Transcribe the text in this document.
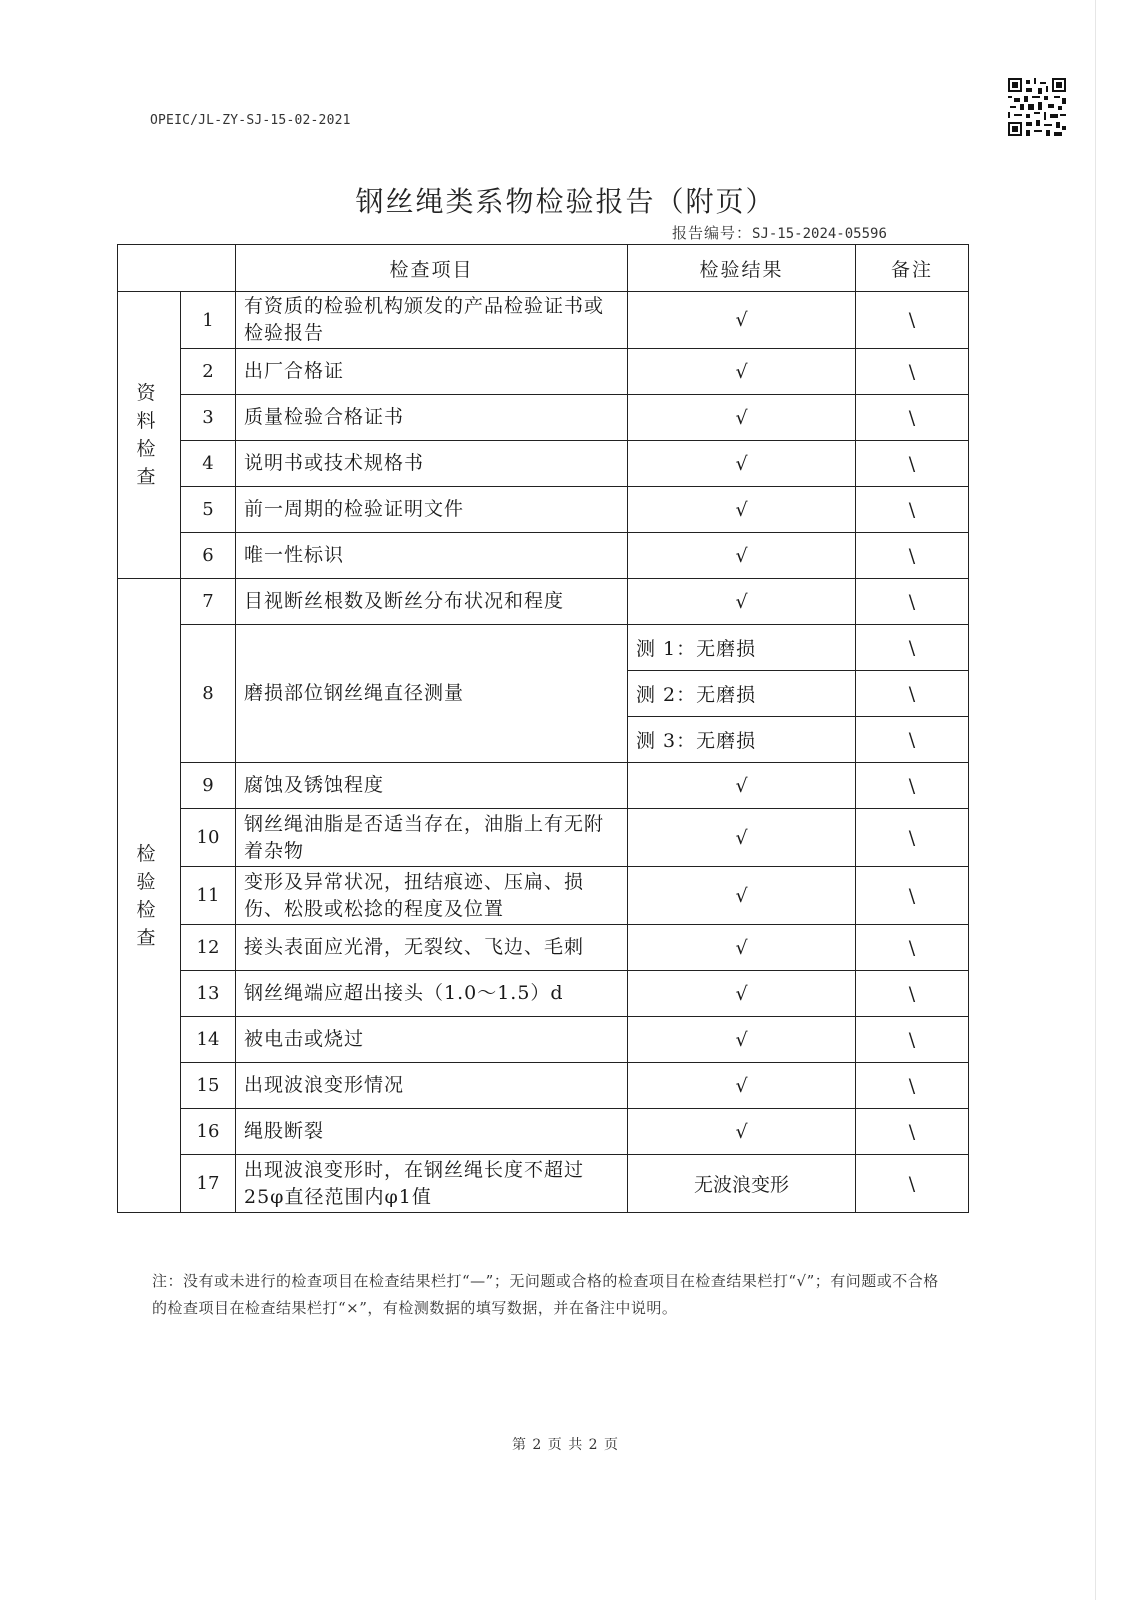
OPEIC/JL-ZY-SJ-15-02-2021
钢丝绳类系物检验报告（附页）
报告编号：SJ-15-2024-05596
		检查项目	检验结果	备注
资料检查	1	有资质的检验机构颁发的产品检验证书或检验报告	√	\
	2	出厂合格证	√	\
	3	质量检验合格证书	√	\
	4	说明书或技术规格书	√	\
	5	前一周期的检验证明文件	√	\
	6	唯一性标识	√	\
检验检查	7	目视断丝根数及断丝分布状况和程度	√	\
	8	磨损部位钢丝绳直径测量	测 1：无磨损	\
			测 2：无磨损	\
			测 3：无磨损	\
	9	腐蚀及锈蚀程度	√	\
	10	钢丝绳油脂是否适当存在，油脂上有无附着杂物	√	\
	11	变形及异常状况，扭结痕迹、压扁、损伤、松股或松捻的程度及位置	√	\
	12	接头表面应光滑，无裂纹、飞边、毛刺	√	\
	13	钢丝绳端应超出接头（1.0～1.5）d	√	\
	14	被电击或烧过	√	\
	15	出现波浪变形情况	√	\
	16	绳股断裂	√	\
	17	出现波浪变形时，在钢丝绳长度不超过25φ直径范围内φ1值	无波浪变形	\
注：没有或未进行的检查项目在检查结果栏打“—”；无问题或合格的检查项目在检查结果栏打“√”；有问题或不合格的检查项目在检查结果栏打“×”，有检测数据的填写数据，并在备注中说明。
第 2 页 共 2 页
